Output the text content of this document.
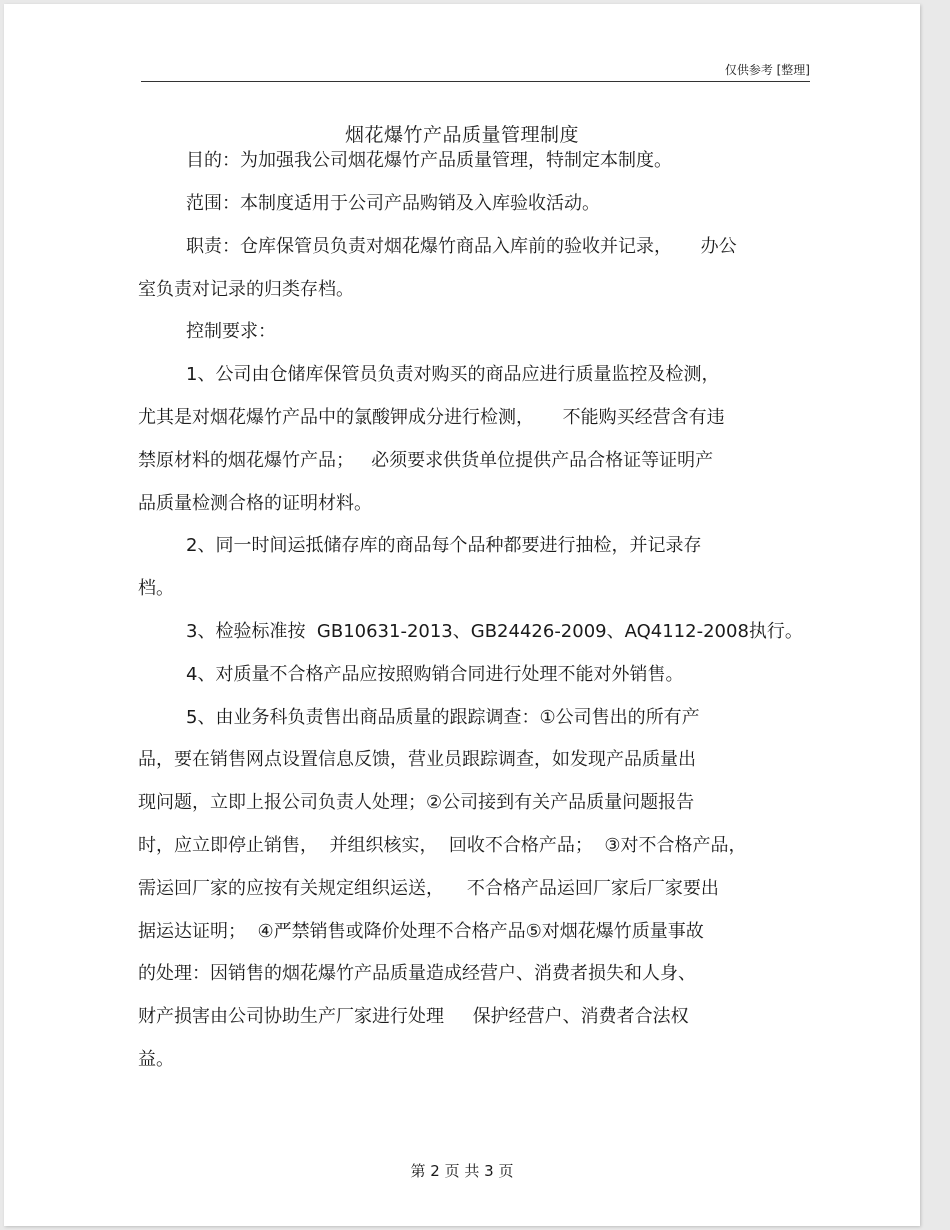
仅供参考 [整理]
烟花爆竹产品质量管理制度
目的：为加强我公司烟花爆竹产品质量管理，特制定本制度。
范围：本制度适用于公司产品购销及入库验收活动。
职责：仓库保管员负责对烟花爆竹商品入库前的验收并记录，     办公
室负责对记录的归类存档。
控制要求：
1、公司由仓储库保管员负责对购买的商品应进行质量监控及检测，
尤其是对烟花爆竹产品中的氯酸钾成分进行检测，     不能购买经营含有违
禁原材料的烟花爆竹产品；   必须要求供货单位提供产品合格证等证明产
品质量检测合格的证明材料。
2、同一时间运抵储存库的商品每个品种都要进行抽检，并记录存
档。
3、检验标准按  GB10631-2013、GB24426-2009、AQ4112-2008执行。
4、对质量不合格产品应按照购销合同进行处理不能对外销售。
5、由业务科负责售出商品质量的跟踪调查：①公司售出的所有产
品，要在销售网点设置信息反馈，营业员跟踪调查，如发现产品质量出
现问题，立即上报公司负责人处理；②公司接到有关产品质量问题报告
时，应立即停止销售，  并组织核实，  回收不合格产品；  ③对不合格产品，
需运回厂家的应按有关规定组织运送，    不合格产品运回厂家后厂家要出
据运达证明；  ④严禁销售或降价处理不合格产品⑤对烟花爆竹质量事故
的处理：因销售的烟花爆竹产品质量造成经营户、消费者损失和人身、
财产损害由公司协助生产厂家进行处理     保护经营户、消费者合法权
益。
第 2 页 共 3 页
